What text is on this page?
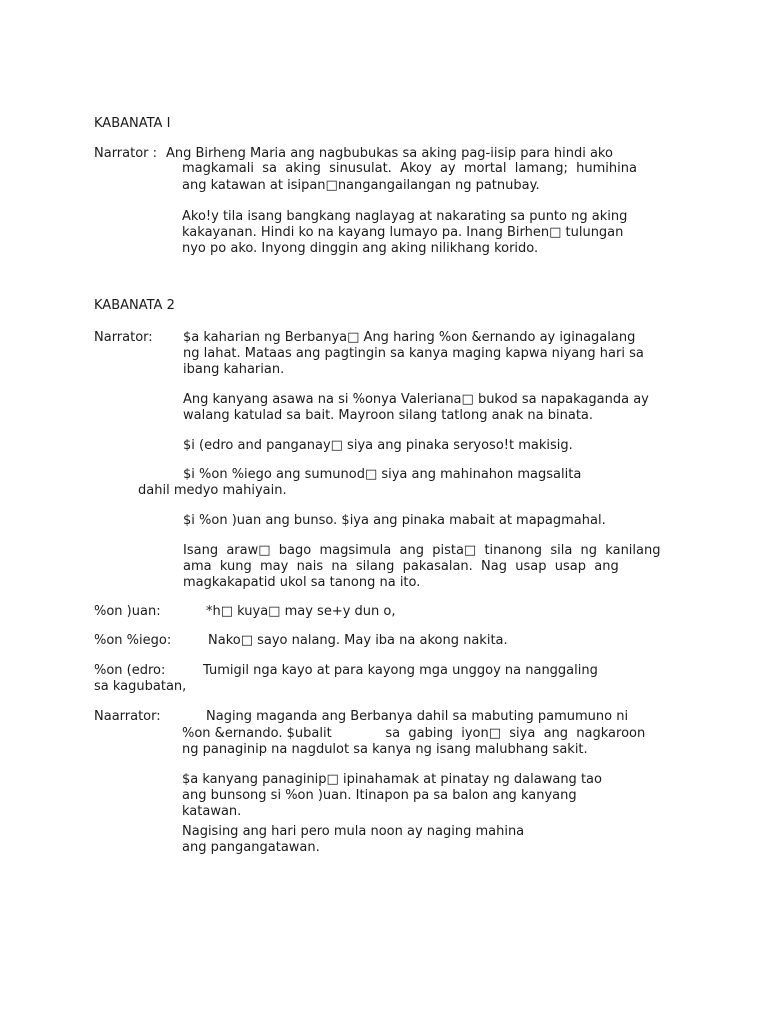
KABANATA I
Narrator : Ang Birheng Maria ang nagbubukas sa aking pag-iisip para hindi ako
magkamali  sa  aking  sinusulat.  Akoy  ay  mortal  lamang;  humihina
ang katawan at isipan□nangangailangan ng patnubay.
Ako!y tila isang bangkang naglayag at nakarating sa punto ng aking
kakayanan. Hindi ko na kayang lumayo pa. Inang Birhen□ tulungan
nyo po ako. Inyong dinggin ang aking nilikhang korido.
KABANATA 2
Narrator: $a kaharian ng Berbanya□ Ang haring %on &ernando ay iginagalang
ng lahat. Mataas ang pagtingin sa kanya maging kapwa niyang hari sa
ibang kaharian.
Ang kanyang asawa na si %onya Valeriana□ bukod sa napakaganda ay
walang katulad sa bait. Mayroon silang tatlong anak na binata.
$i (edro and panganay□ siya ang pinaka seryoso!t makisig.
$i %on %iego ang sumunod□ siya ang mahinahon magsalita
dahil medyo mahiyain.
$i %on )uan ang bunso. $iya ang pinaka mabait at mapagmahal.
Isang  araw□  bago  magsimula  ang  pista□  tinanong  sila  ng  kanilang
ama  kung  may  nais  na  silang  pakasalan.  Nag  usap  usap  ang
magkakapatid ukol sa tanong na ito.
%on )uan:	*h□ kuya□ may se+y dun o,
%on %iego:	Nako□ sayo nalang. May iba na akong nakita.
%on (edro:	Tumigil nga kayo at para kayong mga unggoy na nanggaling
sa kagubatan,
Naarrator:	Naging maganda ang Berbanya dahil sa mabuting pamumuno ni
%on &ernando. $ubalit             sa  gabing  iyon□  siya  ang  nagkaroon
ng panaginip na nagdulot sa kanya ng isang malubhang sakit.
$a kanyang panaginip□ ipinahamak at pinatay ng dalawang tao
ang bunsong si %on )uan. Itinapon pa sa balon ang kanyang
katawan.
Nagising ang hari pero mula noon ay naging mahina
ang pangangatawan.
